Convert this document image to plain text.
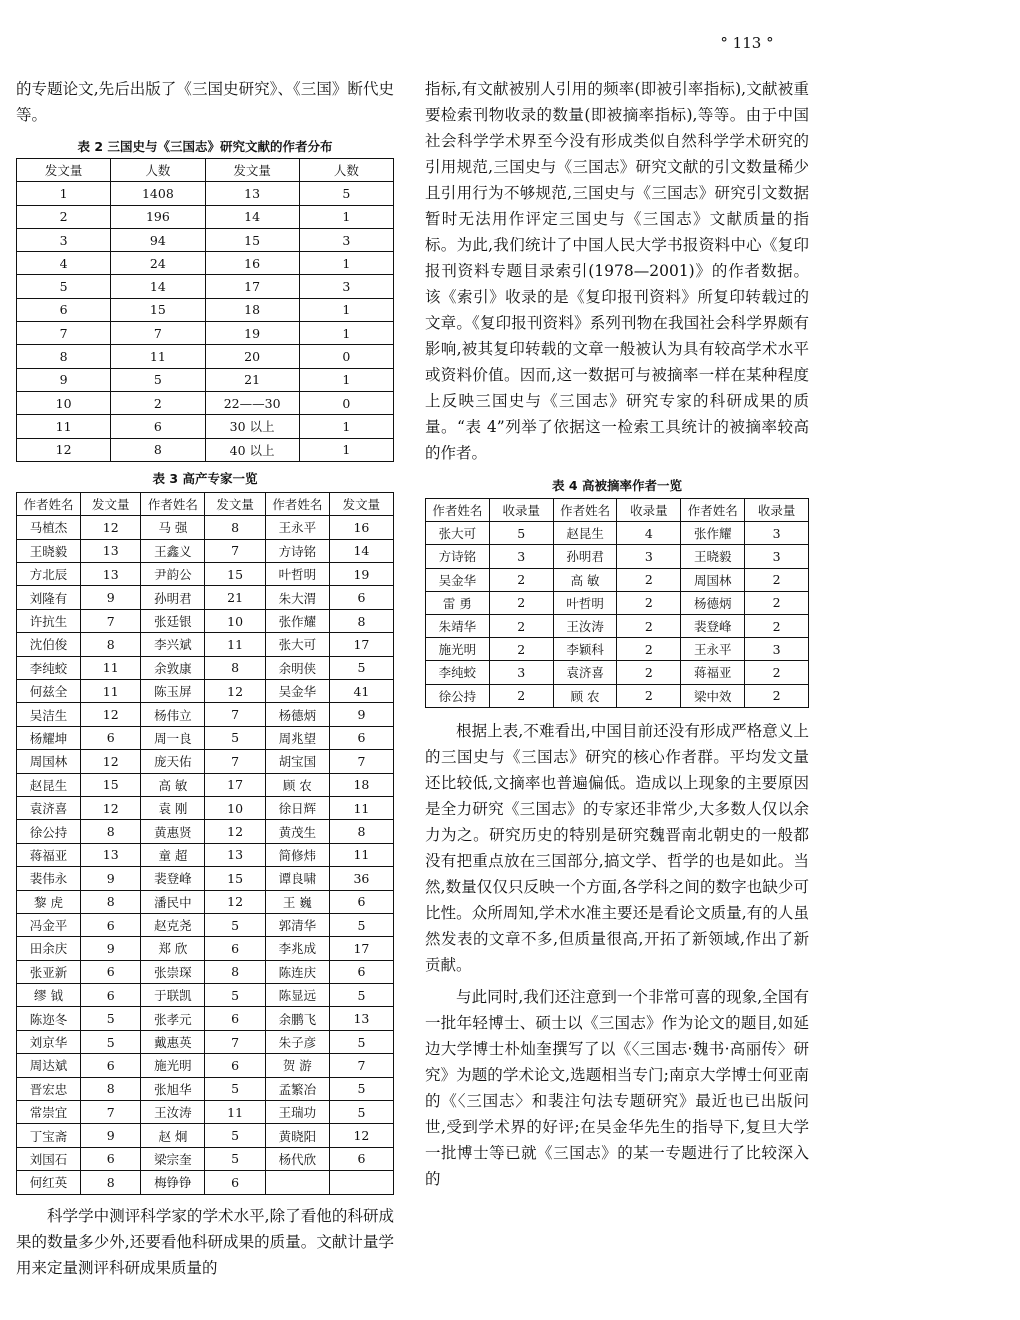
° 113 °

的专题论文,先后出版了《三国史研究》、《三国》断代史等。

表 2 三国史与《三国志》研究文献的作者分布
发文量	人数	发文量	人数
1	1408	13	5
2	196	14	1
3	94	15	3
4	24	16	1
5	14	17	3
6	15	18	1
7	7	19	1
8	11	20	0
9	5	21	1
10	2	22——30	0
11	6	30 以上	1
12	8	40 以上	1
表 3 高产专家一览
作者姓名	发文量	作者姓名	发文量	作者姓名	发文量
马植杰	12	马 强	8	王永平	16
王晓毅	13	王鑫义	7	方诗铭	14
方北辰	13	尹韵公	15	叶哲明	19
刘隆有	9	孙明君	21	朱大渭	6
许抗生	7	张廷银	10	张作耀	8
沈伯俊	8	李兴斌	11	张大可	17
李纯蛟	11	余敦康	8	余明侠	5
何兹全	11	陈玉屏	12	吴金华	41
吴洁生	12	杨伟立	7	杨德炳	9
杨耀坤	6	周一良	5	周兆望	6
周国林	12	庞天佑	7	胡宝国	7
赵昆生	15	高 敏	17	顾 农	18
袁济喜	12	袁 刚	10	徐日辉	11
徐公持	8	黄惠贤	12	黄茂生	8
蒋福亚	13	童 超	13	简修炜	11
裴伟永	9	裴登峰	15	谭良啸	36
黎 虎	8	潘民中	12	王 巍	6
冯金平	6	赵克尧	5	郭清华	5
田余庆	9	郑 欣	6	李兆成	17
张亚新	6	张崇琛	8	陈连庆	6
缪 钺	6	于联凯	5	陈显远	5
陈迩冬	5	张孝元	6	余鹏飞	13
刘京华	5	戴惠英	7	朱子彦	5
周达斌	6	施光明	6	贺 游	7
晋宏忠	8	张旭华	5	孟繁冶	5
常崇宜	7	王汝涛	11	王瑞功	5
丁宝斋	9	赵 炯	5	黄晓阳	12
刘国石	6	梁宗奎	5	杨代欣	6
何红英	8	梅铮铮	6		

科学学中测评科学家的学术水平,除了看他的科研成果的数量多少外,还要看他科研成果的质量。文献计量学用来定量测评科研成果质量的

指标,有文献被别人引用的频率(即被引率指标),文献被重要检索刊物收录的数量(即被摘率指标),等等。由于中国社会科学学术界至今没有形成类似自然科学学术研究的引用规范,三国史与《三国志》研究文献的引文数量稀少且引用行为不够规范,三国史与《三国志》研究引文数据暂时无法用作评定三国史与《三国志》文献质量的指标。为此,我们统计了中国人民大学书报资料中心《复印报刊资料专题目录索引(1978—2001)》的作者数据。该《索引》收录的是《复印报刊资料》所复印转载过的文章。《复印报刊资料》系列刊物在我国社会科学界颇有影响,被其复印转载的文章一般被认为具有较高学术水平或资料价值。因而,这一数据可与被摘率一样在某种程度上反映三国史与《三国志》研究专家的科研成果的质量。“表 4”列举了依据这一检索工具统计的被摘率较高的作者。

表 4 高被摘率作者一览
作者姓名	收录量	作者姓名	收录量	作者姓名	收录量
张大可	5	赵昆生	4	张作耀	3
方诗铭	3	孙明君	3	王晓毅	3
吴金华	2	高 敏	2	周国林	2
雷 勇	2	叶哲明	2	杨德炳	2
朱靖华	2	王汝涛	2	裴登峰	2
施光明	2	李颖科	2	王永平	3
李纯蛟	3	袁济喜	2	蒋福亚	2
徐公持	2	顾 农	2	梁中效	2

根据上表,不难看出,中国目前还没有形成严格意义上的三国史与《三国志》研究的核心作者群。平均发文量还比较低,文摘率也普遍偏低。造成以上现象的主要原因是全力研究《三国志》的专家还非常少,大多数人仅以余力为之。研究历史的特别是研究魏晋南北朝史的一般都没有把重点放在三国部分,搞文学、哲学的也是如此。当然,数量仅仅只反映一个方面,各学科之间的数字也缺少可比性。众所周知,学术水准主要还是看论文质量,有的人虽然发表的文章不多,但质量很高,开拓了新领域,作出了新贡献。

与此同时,我们还注意到一个非常可喜的现象,全国有一批年轻博士、硕士以《三国志》作为论文的题目,如延边大学博士朴灿奎撰写了以《〈三国志·魏书·高丽传〉研究》为题的学术论文,选题相当专门;南京大学博士何亚南的《〈三国志〉和裴注句法专题研究》最近也已出版问世,受到学术界的好评;在吴金华先生的指导下,复旦大学一批博士等已就《三国志》的某一专题进行了比较深入的
